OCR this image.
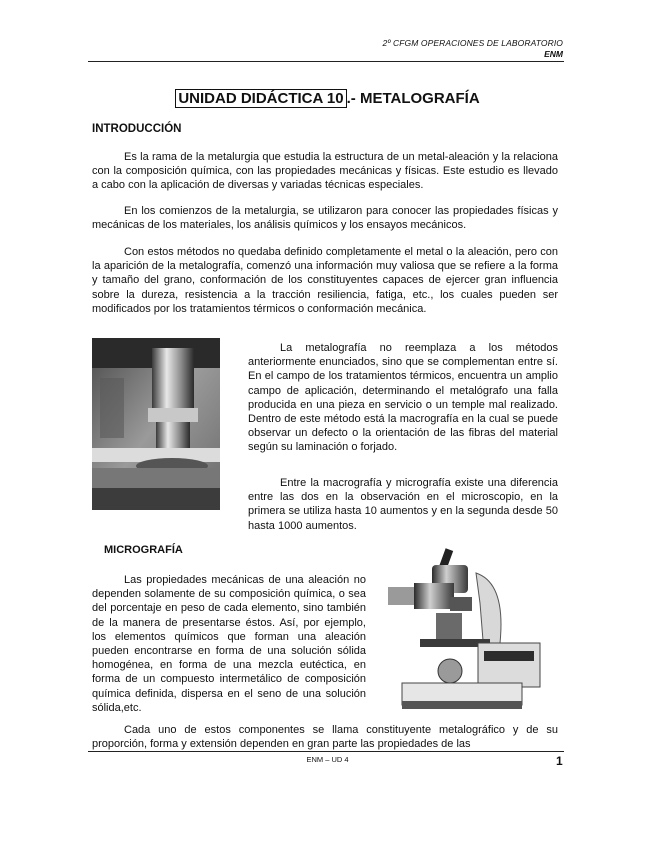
2º CFGM OPERACIONES DE LABORATORIO
ENM
UNIDAD DIDÁCTICA 10 .- METALOGRAFÍA
INTRODUCCIÓN

Es la rama de la metalurgia que estudia la estructura de un metal-aleación y la relaciona con la composición química, con las propiedades mecánicas y físicas. Este estudio es llevado a cabo con la aplicación de diversas y variadas técnicas especiales.

En los comienzos de la metalurgia, se utilizaron para conocer las propiedades físicas y mecánicas de los materiales, los análisis químicos y los ensayos mecánicos.

Con estos métodos no quedaba definido completamente el metal o la aleación, pero con la aparición de la metalografía, comenzó una información muy valiosa que se refiere a la forma y tamaño del grano, conformación de los constituyentes capaces de ejercer gran influencia sobre la dureza, resistencia a la tracción resiliencia, fatiga, etc., los cuales pueden ser modificados por los tratamientos térmicos o conformación mecánica.

La metalografía no reemplaza a los métodos anteriormente enunciados, sino que se complementan entre sí. En el campo de los tratamientos térmicos, encuentra un amplio campo de aplicación, determinando el metalógrafo una falla producida en una pieza en servicio o un temple mal realizado. Dentro de este método está la macrografía en la cual se puede observar un defecto o la orientación de las fibras del material según su laminación o forjado.

Entre la macrografía y micrografía existe una diferencia entre las dos en la observación en el microscopio, en la primera se utiliza hasta 10 aumentos y en la segunda desde 50 hasta 1000 aumentos.

MICROGRAFÍA

Las propiedades mecánicas de una aleación no dependen solamente de su composición química, o sea del porcentaje en peso de cada elemento, sino también de la manera de presentarse éstos. Así, por ejemplo, los elementos químicos que forman una aleación pueden encontrarse en forma de una solución sólida homogénea, en forma de una mezcla eutéctica, en forma de un compuesto intermetálico de composición química definida, dispersa en el seno de una solución sólida,etc.

Cada uno de estos componentes se llama constituyente metalográfico y de su proporción, forma y extensión dependen en gran parte las propiedades de las

ENM – UD 4	1
